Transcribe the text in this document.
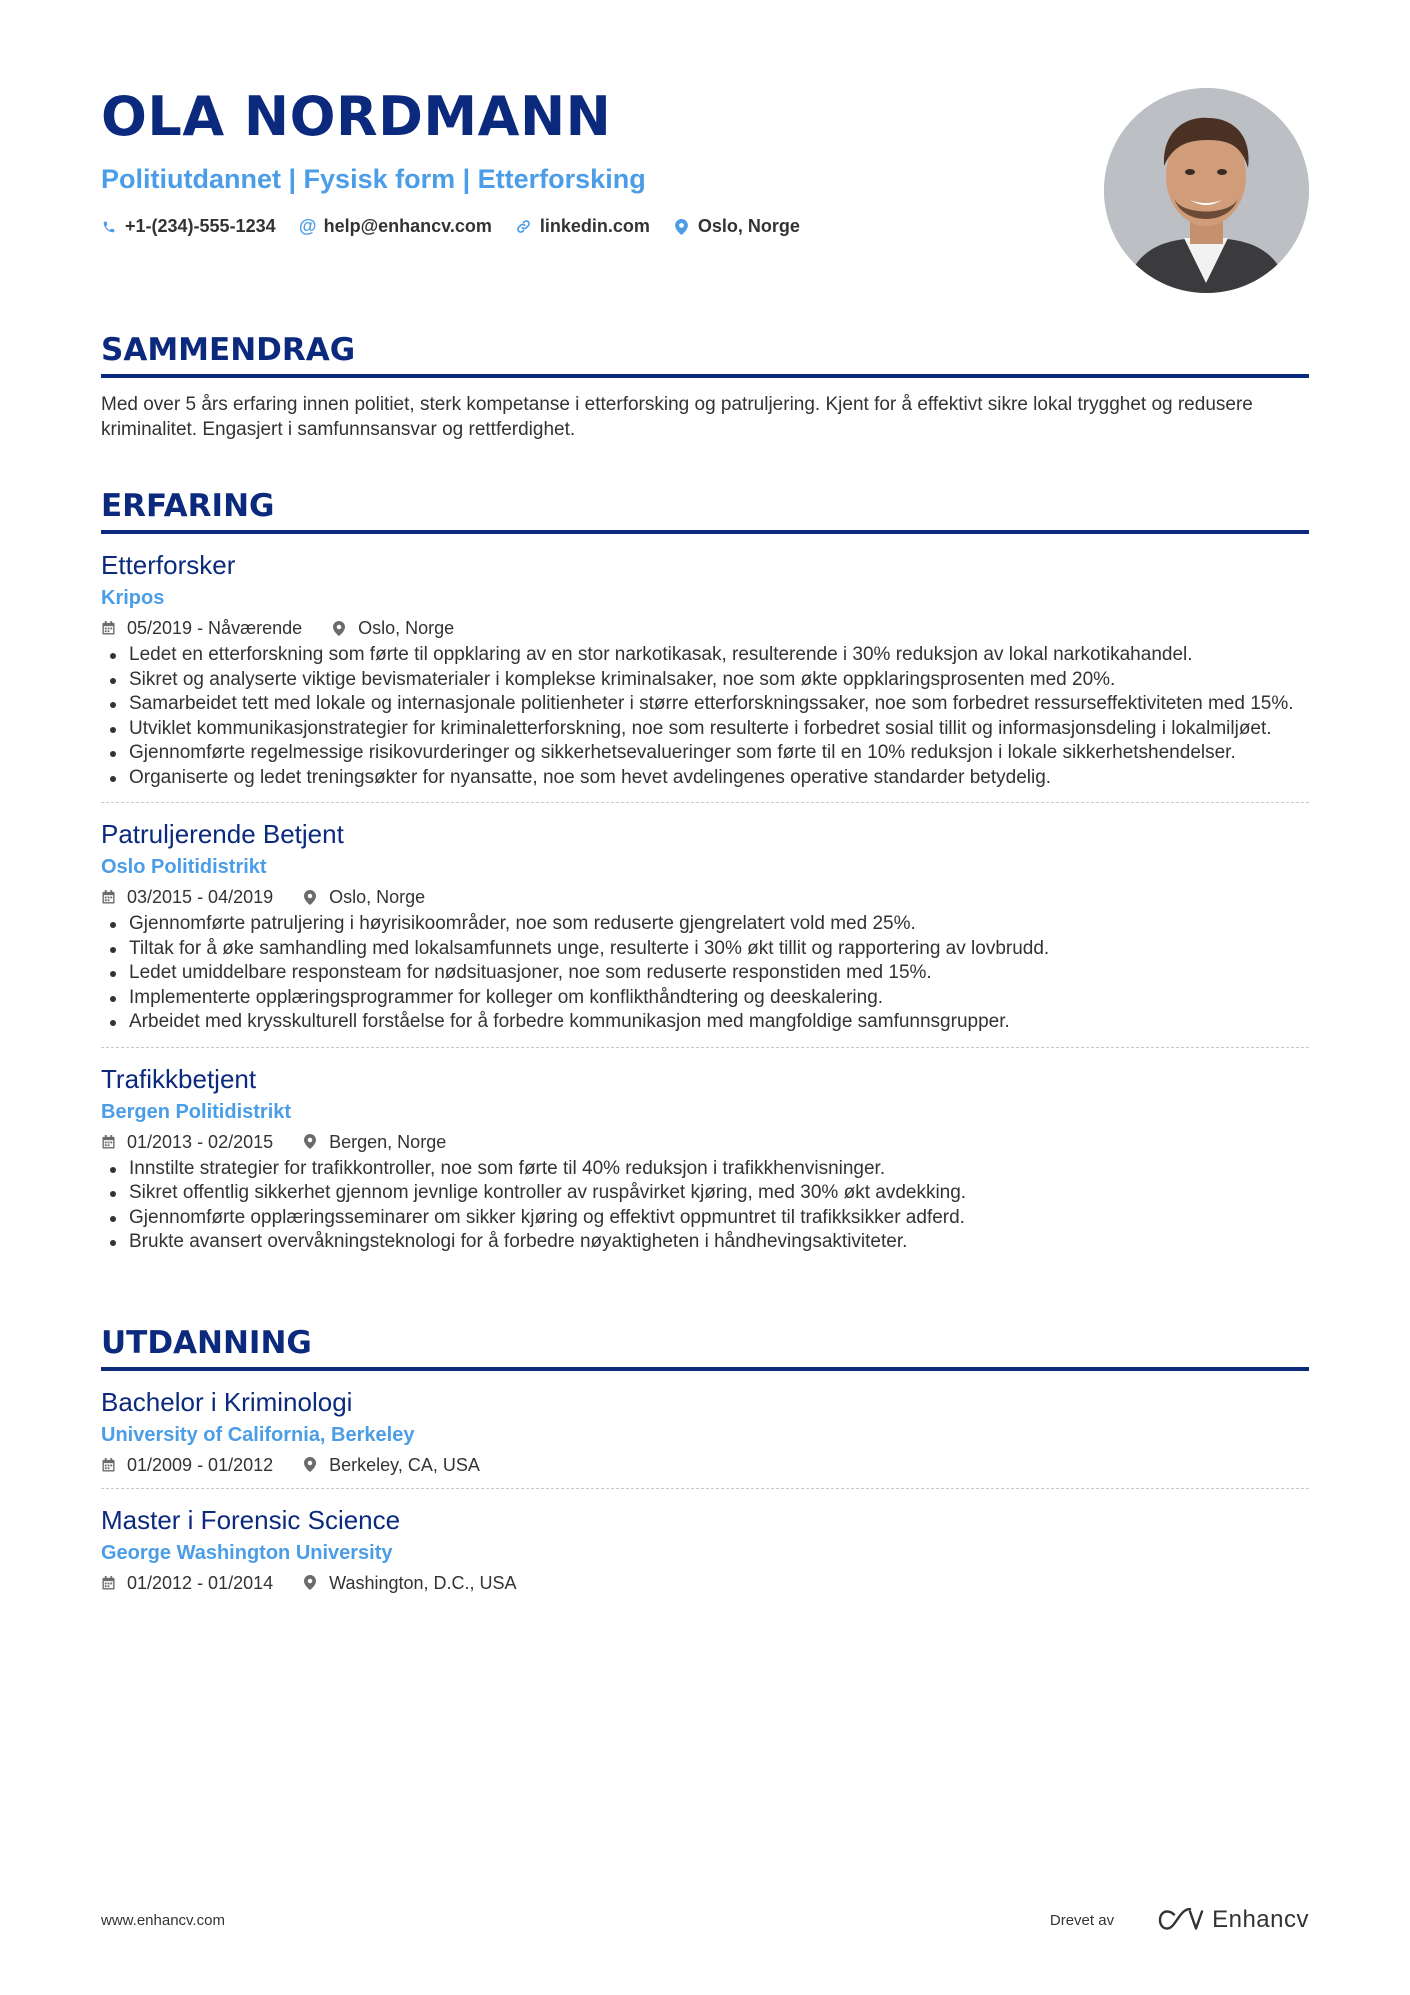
OLA NORDMANN
Politiutdannet | Fysisk form | Etterforsking
+1-(234)-555-1234 @ help@enhancv.com	linkedin.com	Oslo, Norge
SAMMENDRAG

Med over 5 års erfaring innen politiet, sterk kompetanse i etterforsking og patruljering. Kjent for å effektivt sikre lokal trygghet og redusere kriminalitet. Engasjert i samfunnsansvar og rettferdighet.

ERFARING
Etterforsker
Kripos
05/2019 - Nåværende	Oslo, Norge
Ledet en etterforskning som førte til oppklaring av en stor narkotikasak, resulterende i 30% reduksjon av lokal narkotikahandel.
Sikret og analyserte viktige bevismaterialer i komplekse kriminalsaker, noe som økte oppklaringsprosenten med 20%.
Samarbeidet tett med lokale og internasjonale politienheter i større etterforskningssaker, noe som forbedret ressurseffektiviteten med 15%.
Utviklet kommunikasjonstrategier for kriminaletterforskning, noe som resulterte i forbedret sosial tillit og informasjonsdeling i lokalmiljøet.
Gjennomførte regelmessige risikovurderinger og sikkerhetsevalueringer som førte til en 10% reduksjon i lokale sikkerhetshendelser.
Organiserte og ledet treningsøkter for nyansatte, noe som hevet avdelingenes operative standarder betydelig.
Patruljerende Betjent
Oslo Politidistrikt
03/2015 - 04/2019	Oslo, Norge
Gjennomførte patruljering i høyrisikoområder, noe som reduserte gjengrelatert vold med 25%.
Tiltak for å øke samhandling med lokalsamfunnets unge, resulterte i 30% økt tillit og rapportering av lovbrudd.
Ledet umiddelbare responsteam for nødsituasjoner, noe som reduserte responstiden med 15%.
Implementerte opplæringsprogrammer for kolleger om konflikthåndtering og deeskalering.
Arbeidet med krysskulturell forståelse for å forbedre kommunikasjon med mangfoldige samfunnsgrupper.
Trafikkbetjent
Bergen Politidistrikt
01/2013 - 02/2015	Bergen, Norge
Innstilte strategier for trafikkontroller, noe som førte til 40% reduksjon i trafikkhenvisninger.
Sikret offentlig sikkerhet gjennom jevnlige kontroller av ruspåvirket kjøring, med 30% økt avdekking.
Gjennomførte opplæringsseminarer om sikker kjøring og effektivt oppmuntret til trafikksikker adferd.
Brukte avansert overvåkningsteknologi for å forbedre nøyaktigheten i håndhevingsaktiviteter.
UTDANNING
Bachelor i Kriminologi
University of California, Berkeley
01/2009 - 01/2012	Berkeley, CA, USA
Master i Forensic Science
George Washington University
01/2012 - 01/2014	Washington, D.C., USA
www.enhancv.com	Drevet av	Enhancv
